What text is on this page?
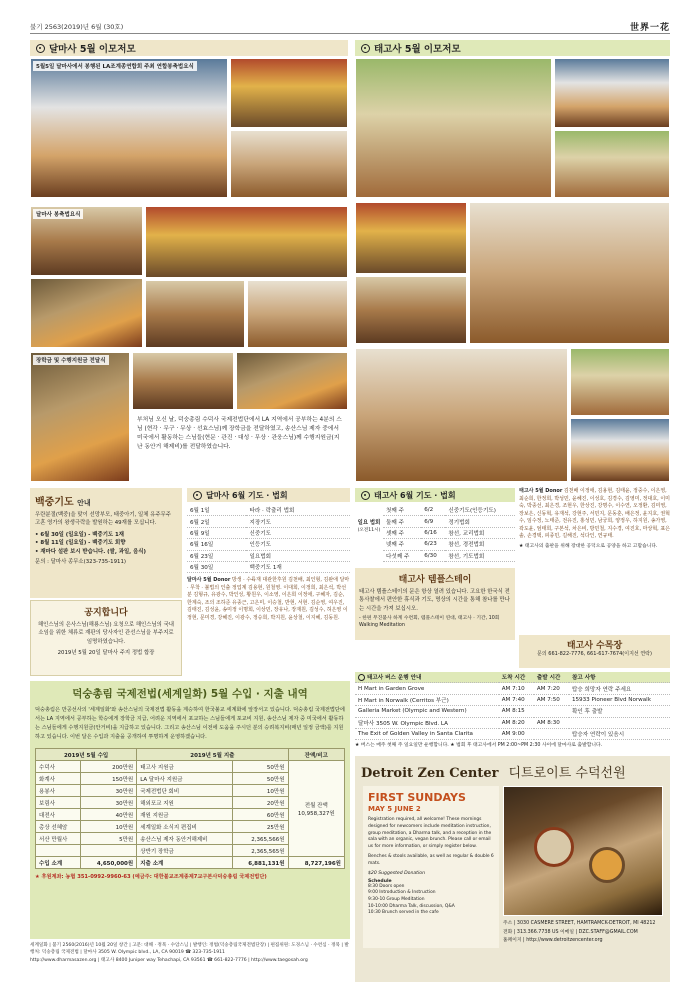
불기 2563(2019)년 6월 (30호)	世界一花
달마사 5월 이모저모
5월5일 달마사에서 봉행된 LA조계종연합회 주최 연합봉축법요식
달마사 봉축법요식
장학금 및 수행지원금 전달식
부처님 오신 날, 덕숭총림 수덕사 국제전법단에서 LA 지역에서 공부하는 4분의 스님 (현각 · 무구 · 무상 · 선효스님)께 장학금을 전달하였고, 송산스님 제자 중에서 미국에서 활동하는 스님들(현문 · 관진 · 대성 · 무상 · 관웅스님)께 수행지원금(지난 동안거 해제비)를 전달하였습니다.
태고사 5월 이모저모
백중기도 안내
우란분절(백중)을 맞이 선망부모, 태중아기, 일체 유주무주 고혼 영가의 왕생극락을 발원하는 49재를 모십니다.
• 6월 30일 (일요일) - 백중기도 1재
• 8월 11일 (일요일) - 백중기도 회향
• 재마다 설판 보시 받습니다. (쌀, 과일, 음식)
문의 : 달마사 종무소(323-735-1911)
공지합니다
해인스님의 은사스님(해룡스님) 요청으로 해인스님의 국내 소임을 위한 체류로 재판의 당사자인 관선스님을 부주지로 임명하였습니다.
2019년 5월 20일 달마사 주지 정법 합장
달마사 6월 기도 · 법회
6월 1일	타라 · 락출리 법회
6월 2일	지장기도
6월 9일	신중기도
6월 16일	인등기도
6월 23일	일요법회
6월 30일	백중기도 1재
달마사 5월 Donor 방생 · 수륙재 대관한후원 김천배, 최인형, 김완애 달마 · 무착 · 불법의 인출 정업계 김용현, 원철영. 이대희, 이정희, 최은석, 박선분 김형규, 유광수, 박인성, 황원우, 이소영, 이은희 이정애, 구혜자, 김순, 한계숙, 조의 조하준 유종근, 고은미, 이승철, 반현, 서현. 김순영, 여우진, 김태진, 김성윤, 송미정 이명희, 이상민, 장유나, 장재원, 김성수, 허은영 이정현, 문미경, 강혜진, 이광수, 정승희, 박지원, 윤상철, 이지혜, 김동원.
태고사 6월 기도 · 법회
일요 법회
(오전11시)
첫째 주	6/2	신중기도(인등기도)
둘째 주	6/9	정기법회
셋째 주	6/16	참선, 교리법회
넷째 주	6/23	참선, 경전법회
다섯째 주	6/30	참선, 기도법회
태고사 템플스테이
태고사 템플스테이의 문은 항상 열려 있습니다. 고요한 한국식 전통사찰에서 편안한 휴식과 기도, 명상의 시간을 통해 참나를 만나는 시간을 가져 보십시오.
- 한편 무진불사 하계 수련회, 템플스테이 연대, 태고사 · 기간, 10회 Walking Meditation
태고사 5월 Donor 김천배 이정애, 김용현, 김태윤, 정중수, 이은영, 최순희, 한정희, 박성민, 윤혜진, 이성호, 김경수, 김영미, 정대호, 이미숙, 박종선, 최은경, 조현우, 한상진, 강명수, 이수연, 오정환, 김미영, 장보은, 신동혁, 유재석, 강현주, 서민지, 문동훈, 배은정, 윤지호, 권혁수, 임수정, 노태준, 전유진, 홍성민, 남궁희, 양정우, 하지원, 송가영, 곽도윤, 엄태희, 구본석, 차은비, 방민철, 지수경, 여진호, 마상혁, 표은솔, 손경택, 피종민, 길해진, 석다인, 연규태.
★ 태고사의 출판을 위해 장대한 공덕으로 공양을 하고 고맙습니다.
태고사 수목장
문의 661-822-7776, 661-617-7674(이지선 연락)
태고사 버스 운행 안내	도착 시간	출발 시간	참고 사항
H Mart in Garden Grove	AM 7:10	AM 7:20	탑승 희망자 연락 주세요
H Mart in Norwalk (Cerritos 부근)	AM 7:40	AM 7:50	15933 Pioneer Blvd Norwalk
Galleria Market (Olympic and Western)	AM 8:15		확인 후 출발
달마사 3505 W. Olympic Blvd. LA	AM 8:20	AM 8:30	
The Exit of Golden Valley in Santa Clarita	AM 9:00		탑승자 연락이 있음시
★ 버스는 매주 첫째 주 일요일만 운행합니다. ★ 법회 후 태고사에서 PM 2:00~PM 2:30 사이에 달마사로 출발합니다.
덕숭총림 국제전법(세계일화) 5월 수입 · 지출 내역
덕숭총림은 만공선사의 '세계일화'와 송산스님의 국제전법 활동을 계승하여 한국불교 세계화에 앞장서고 있습니다. 덕숭총림 국제전법단에서는 LA 지역에서 공부하는 학승에게 장학금 지급, 어려운 지역에서 포교하는 스님들에게 포교비 지원, 송산스님 제자 중 미국에서 활동하는 스님들에게 수행지원금(안거비)을 지급하고 있습니다. 그리고 송산스님 이전에 도움을 주시던 분의 승려복지비(매년 일정 금액)를 지원하고 있습니다. 이번 달은 수입과 지출을 공개하여 투명하게 운영하겠습니다.
2019년 5월 수입		2019년 5월 지출		잔액/비고
수덕사	200만원	태고사 지원금	50만원	전월 잔액
10,958,327원

화계사	150만원	LA 달마사 지원금	50만원	
용봉사	30만원	국제전법단 회비	10만원	
보림사	30만원	해외포교 지원	20만원	
대전사	40만원	재원 지원금	60만원	
총상 선혜암	10만원	세계일화 소식지 편집비	25만원	
서산 만월사	5만원	송산스님 제자 동안거해제비	2,365,566원	
		상반기 장학금	2,365,565원	
수입 소계	4,650,000원	지출 소계	6,881,131원	8,727,196원
★ 후원계좌: 농협 351-0992-9960-63 (예금주: 대한불교조계종제7교구본사덕숭총림 국제전법단)
세계일화 | 불기 2560(2016)년 10월 20일 창간 | 고문: 대해 · 정묵 · 수암스님 | 발행인: 정법(덕숭총림국제전법단장) | 편집위원: 도경스님 · 수련심 · 정묵 | 발행처: 덕숭총림 국제전법 | 달마사 3505 W. Olympic blvd., LA, CA 90019 ☎ 323-735-1911
http://www.dharmasazen.org | 태고사 8400 Juniper way Tehachapi, CA 93561 ☎ 661-822-7776 | http://www.taegosah.org
Detroit Zen Center 디트로이트 수덕선원
FIRST SUNDAYS
MAY 5 JUNE 2
Registration required, all welcome! These mornings designed for newcomers include meditation instruction, group meditation, a Dharma talk, and a reception in the sala with an organic, vegan brunch. Please call or email us for more information, or simply register below.
Benches & stools available, as well as regular & double 6 mats.
$20 Suggested Donation
Schedule
8:30 Doors open
9:00 Introduction & Instruction
9:30-10 Group Meditation
10-10:00 Dharma Talk, discussion, Q&A
10:30 Brunch served in the cafe
주소 | 3030 CASMERE STREET, HAMTRAMCK-DETROIT, MI 48212
전화 | 313.366.7738 US 이메일 | DZC.STAFF@GMAIL.COM
홈페이지 | http://www.detroitzencenter.org
